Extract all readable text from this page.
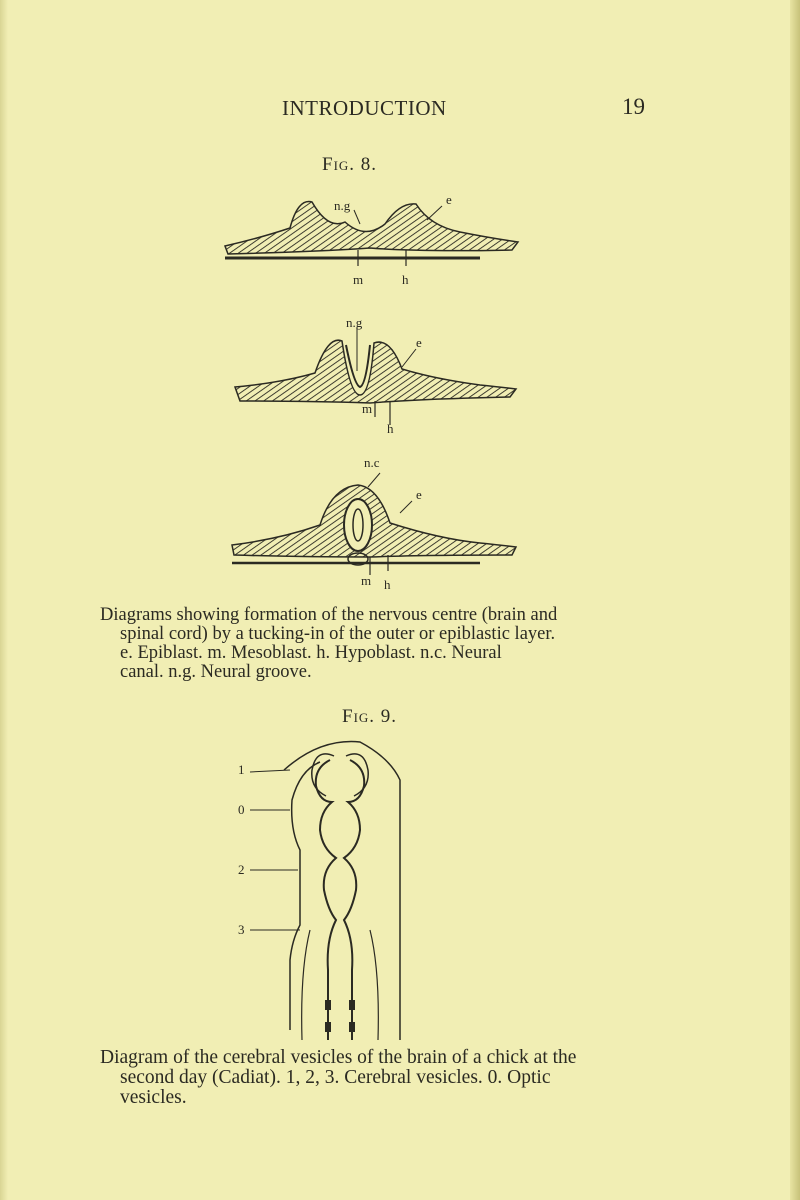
INTRODUCTION	19
Fig. 8.
n.g	e
m	h
n.g
e
m
h
n.c
e
m h
Diagrams showing formation of the nervous centre (brain and
spinal cord) by a tucking-in of the outer or epiblastic layer.
e. Epiblast. m. Mesoblast. h. Hypoblast. n.c. Neural
canal. n.g. Neural groove.
Fig. 9.
1
0
2
3
Diagram of the cerebral vesicles of the brain of a chick at the
second day (Cadiat). 1, 2, 3. Cerebral vesicles. 0. Optic
vesicles.
